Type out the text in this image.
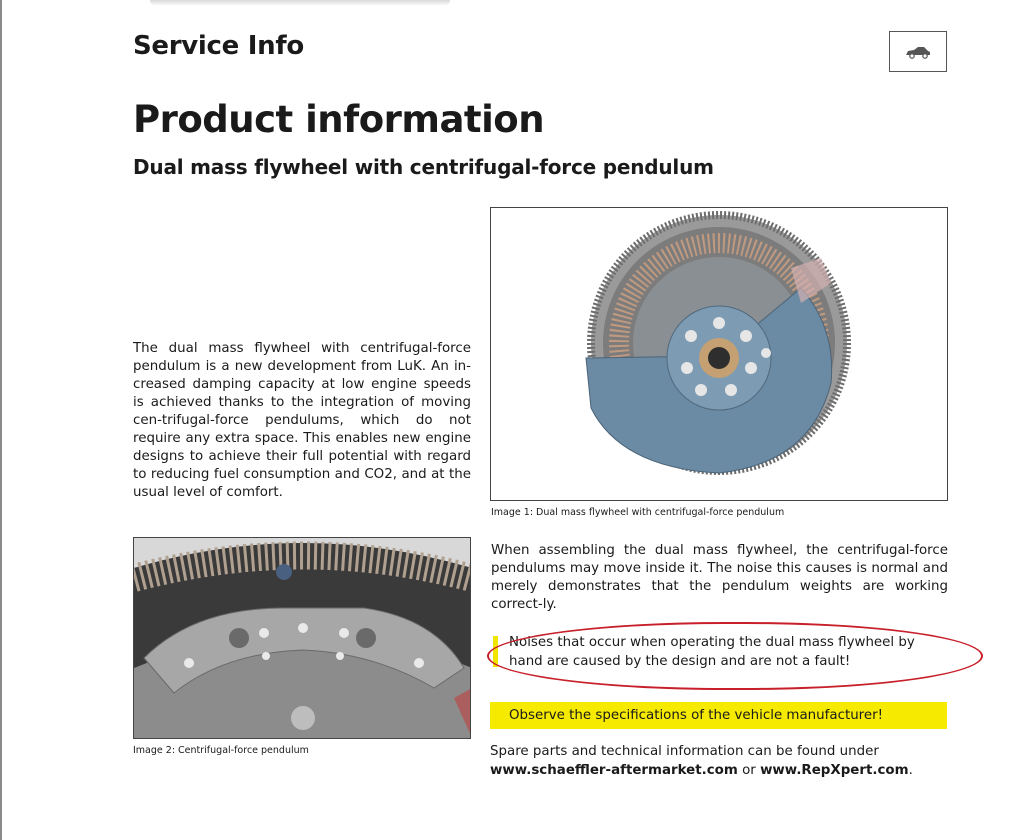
Service Info
Product information
Dual mass flywheel with centrifugal-force pendulum
The dual mass flywheel with centrifugal-force pendulum is a new development from LuK. An in-creased damping capacity at low engine speeds is achieved thanks to the integration of moving cen-trifugal-force pendulums, which do not require any extra space. This enables new engine designs to achieve their full potential with regard to reducing fuel consumption and CO2, and at the usual level of comfort.
Image 1: Dual mass flywheel with centrifugal-force pendulum
Image 2: Centrifugal-force pendulum
When assembling the dual mass flywheel, the centrifugal-force pendulums may move inside it. The noise this causes is normal and merely demonstrates that the pendulum weights are working correct-ly.
Noises that occur when operating the dual mass flywheel by hand are caused by the design and are not a fault!
Observe the specifications of the vehicle manufacturer!
Spare parts and technical information can be found under
www.schaeffler-aftermarket.com or www.RepXpert.com.
